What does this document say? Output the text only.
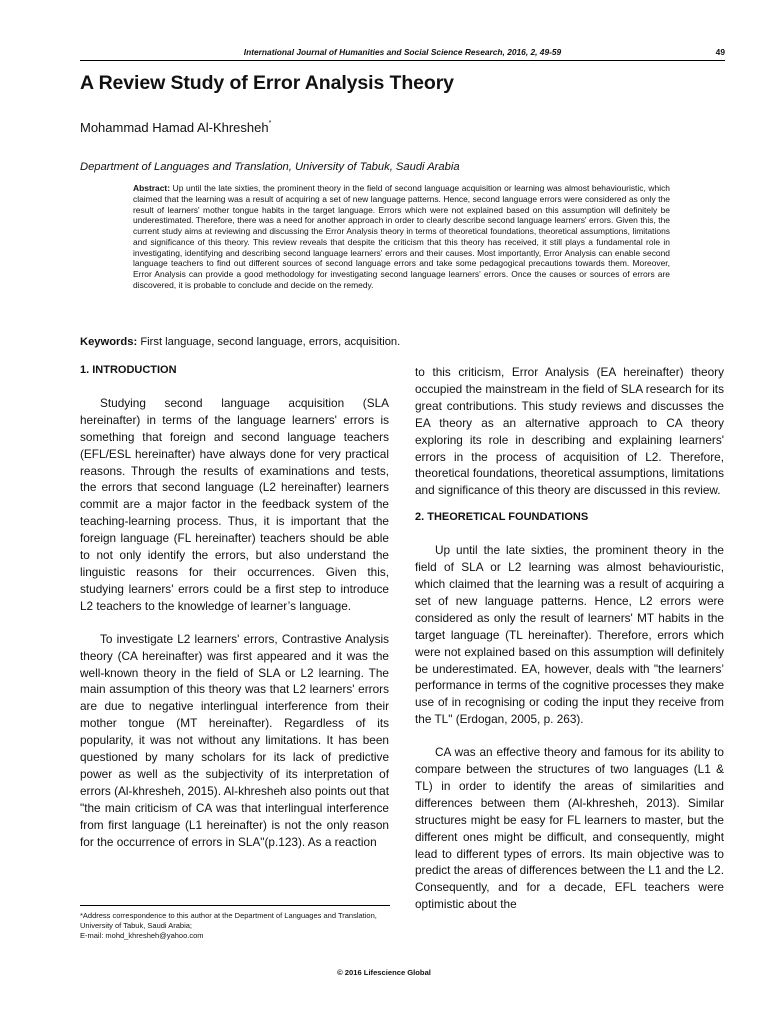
International Journal of Humanities and Social Science Research, 2016, 2, 49-59	49
A Review Study of Error Analysis Theory
Mohammad Hamad Al-Khresheh*
Department of Languages and Translation, University of Tabuk, Saudi Arabia
Abstract: Up until the late sixties, the prominent theory in the field of second language acquisition or learning was almost behaviouristic, which claimed that the learning was a result of acquiring a set of new language patterns. Hence, second language errors were considered as only the result of learners' mother tongue habits in the target language. Errors which were not explained based on this assumption will definitely be underestimated. Therefore, there was a need for another approach in order to clearly describe second language learners' errors. Given this, the current study aims at reviewing and discussing the Error Analysis theory in terms of theoretical foundations, theoretical assumptions, limitations and significance of this theory. This review reveals that despite the criticism that this theory has received, it still plays a fundamental role in investigating, identifying and describing second language learners' errors and their causes. Most importantly, Error Analysis can enable second language teachers to find out different sources of second language errors and take some pedagogical precautions towards them. Moreover, Error Analysis can provide a good methodology for investigating second language learners' errors. Once the causes or sources of errors are discovered, it is probable to conclude and decide on the remedy.
Keywords: First language, second language, errors, acquisition.

1. INTRODUCTION

Studying second language acquisition (SLA hereinafter) in terms of the language learners' errors is something that foreign and second language teachers (EFL/ESL hereinafter) have always done for very practical reasons. Through the results of examinations and tests, the errors that second language (L2 hereinafter) learners commit are a major factor in the feedback system of the teaching-learning process. Thus, it is important that the foreign language (FL hereinafter) teachers should be able to not only identify the errors, but also understand the linguistic reasons for their occurrences. Given this, studying learners' errors could be a first step to introduce L2 teachers to the knowledge of learner’s language.

To investigate L2 learners' errors, Contrastive Analysis theory (CA hereinafter) was first appeared and it was the well-known theory in the field of SLA or L2 learning. The main assumption of this theory was that L2 learners' errors are due to negative interlingual interference from their mother tongue (MT hereinafter). Regardless of its popularity, it was not without any limitations. It has been questioned by many scholars for its lack of predictive power as well as the subjectivity of its interpretation of errors (Al-khresheh, 2015). Al-khresheh also points out that "the main criticism of CA was that interlingual interference from first language (L1 hereinafter) is not the only reason for the occurrence of errors in SLA"(p.123). As a reaction

to this criticism, Error Analysis (EA hereinafter) theory occupied the mainstream in the field of SLA research for its great contributions. This study reviews and discusses the EA theory as an alternative approach to CA theory exploring its role in describing and explaining learners' errors in the process of acquisition of L2. Therefore, theoretical foundations, theoretical assumptions, limitations and significance of this theory are discussed in this review.

2. THEORETICAL FOUNDATIONS

Up until the late sixties, the prominent theory in the field of SLA or L2 learning was almost behaviouristic, which claimed that the learning was a result of acquiring a set of new language patterns. Hence, L2 errors were considered as only the result of learners' MT habits in the target language (TL hereinafter). Therefore, errors which were not explained based on this assumption will definitely be underestimated. EA, however, deals with "the learners’ performance in terms of the cognitive processes they make use of in recognising or coding the input they receive from the TL" (Erdogan, 2005, p. 263).

CA was an effective theory and famous for its ability to compare between the structures of two languages (L1 & TL) in order to identify the areas of similarities and differences between them (Al-khresheh, 2013). Similar structures might be easy for FL learners to master, but the different ones might be difficult, and consequently, might lead to different types of errors. Its main objective was to predict the areas of differences between the L1 and the L2. Consequently, and for a decade, EFL teachers were optimistic about the

*Address correspondence to this author at the Department of Languages and Translation, University of Tabuk, Saudi Arabia;
E-mail: mohd_khresheh@yahoo.com
© 2016 Lifescience Global
